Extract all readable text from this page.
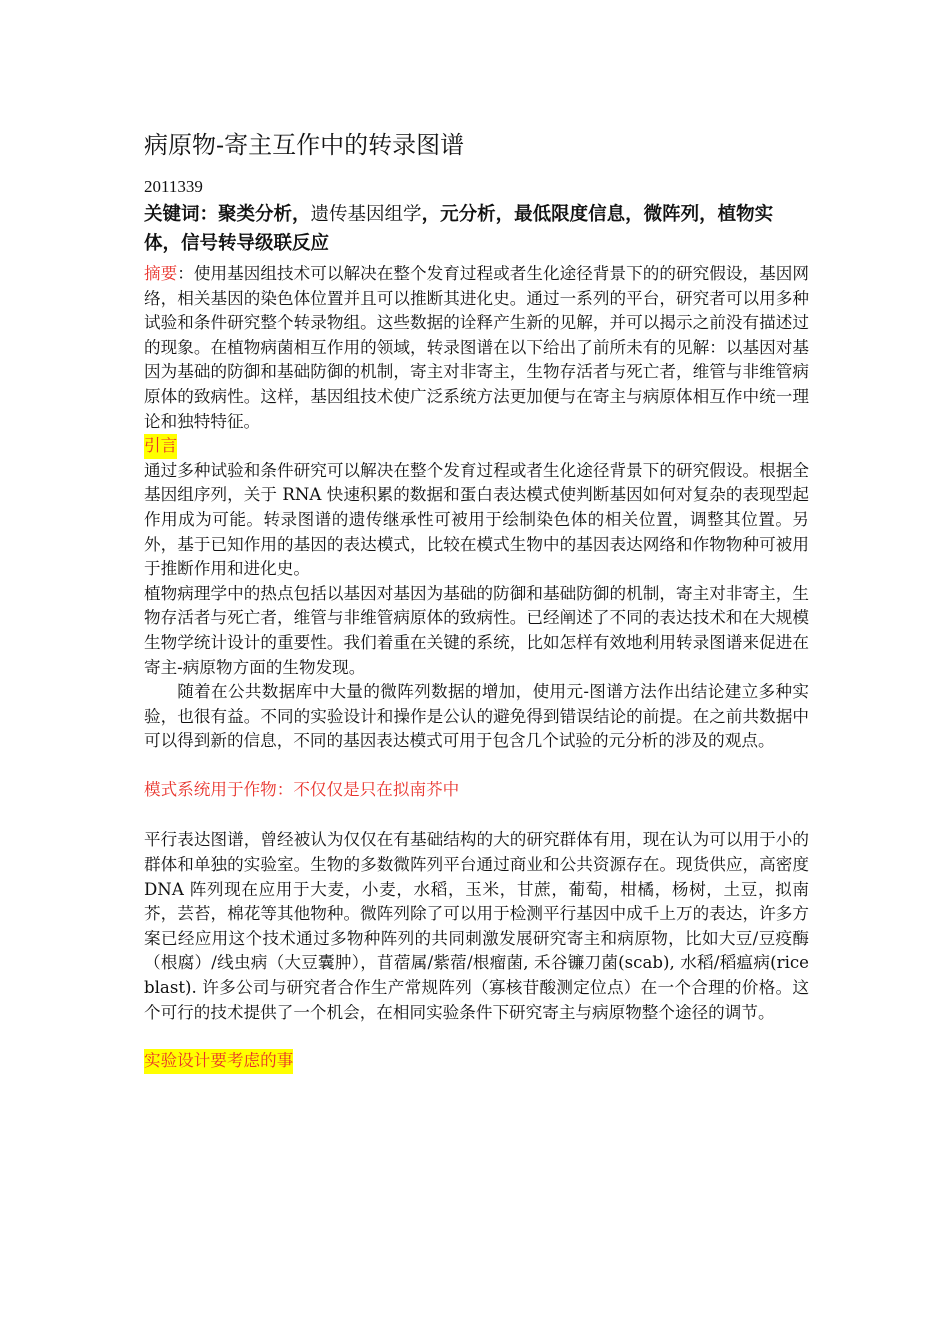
病原物-寄主互作中的转录图谱

2011339

关键词：聚类分析，遗传基因组学，元分析，最低限度信息，微阵列，植物实体，信号转导级联反应

摘要：使用基因组技术可以解决在整个发育过程或者生化途径背景下的的研究假设，基因网络，相关基因的染色体位置并且可以推断其进化史。通过一系列的平台，研究者可以用多种试验和条件研究整个转录物组。这些数据的诠释产生新的见解，并可以揭示之前没有描述过的现象。在植物病菌相互作用的领域，转录图谱在以下给出了前所未有的见解：以基因对基因为基础的防御和基础防御的机制，寄主对非寄主，生物存活者与死亡者，维管与非维管病原体的致病性。这样，基因组技术使广泛系统方法更加便与在寄主与病原体相互作中统一理论和独特特征。

引言

通过多种试验和条件研究可以解决在整个发育过程或者生化途径背景下的研究假设。根据全基因组序列，关于 RNA 快速积累的数据和蛋白表达模式使判断基因如何对复杂的表现型起作用成为可能。转录图谱的遗传继承性可被用于绘制染色体的相关位置，调整其位置。另外，基于已知作用的基因的表达模式，比较在模式生物中的基因表达网络和作物物种可被用于推断作用和进化史。

植物病理学中的热点包括以基因对基因为基础的防御和基础防御的机制，寄主对非寄主，生物存活者与死亡者，维管与非维管病原体的致病性。已经阐述了不同的表达技术和在大规模生物学统计设计的重要性。我们着重在关键的系统，比如怎样有效地利用转录图谱来促进在寄主-病原物方面的生物发现。

随着在公共数据库中大量的微阵列数据的增加，使用元-图谱方法作出结论建立多种实验，也很有益。不同的实验设计和操作是公认的避免得到错误结论的前提。在之前共数据中可以得到新的信息，不同的基因表达模式可用于包含几个试验的元分析的涉及的观点。

模式系统用于作物：不仅仅是只在拟南芥中

平行表达图谱，曾经被认为仅仅在有基础结构的大的研究群体有用，现在认为可以用于小的群体和单独的实验室。生物的多数微阵列平台通过商业和公共资源存在。现货供应，高密度 DNA 阵列现在应用于大麦，小麦，水稻，玉米，甘蔗，葡萄，柑橘，杨树，土豆，拟南芥，芸苔，棉花等其他物种。微阵列除了可以用于检测平行基因中成千上万的表达，许多方案已经应用这个技术通过多物种阵列的共同刺激发展研究寄主和病原物，比如大豆/豆疫酶（根腐）/线虫病（大豆囊肿），苜蓿属/紫蓿/根瘤菌, 禾谷镰刀菌(scab), 水稻/稻瘟病(rice blast). 许多公司与研究者合作生产常规阵列（寡核苷酸测定位点）在一个合理的价格。这个可行的技术提供了一个机会，在相同实验条件下研究寄主与病原物整个途径的调节。

实验设计要考虑的事
